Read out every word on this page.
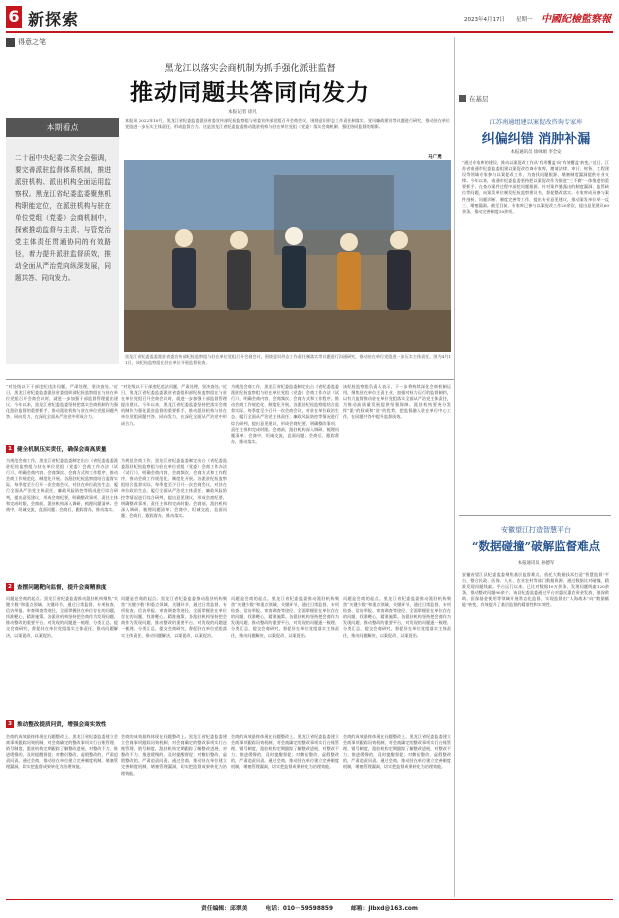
6 新探索	2023年4月17日 星期一 中國紀檢監察報
得意之笔
黑龙江以落实会商机制为抓手强化派驻监督
推动同题共答同向发力
本报记者 徐凡
本报讯 2022年10月，黑龙江省纪委监委派驻省委宣传部纪检监察组与省委宣传部党组召开会商会议，围绕意识形态工作责任制落实、党风廉政建设等议题进行研究，推动驻在单位党组进一步压实主体责任，形成监督合力。这是黑龙江省纪委监委推动派驻机构与驻在单位党组（党委）落实会商机制、强化协同监督的缩影。
马广勇
本期看点
二十届中央纪委二次全会强调，要完善派驻监督体系机制，推进派驻机构、派出机构全面运用监察权。黑龙江省纪委监委聚焦机构职能定位，在派驻机构与驻在单位党组（党委）会商机制中，探索推动监督与主责、与管党治党主体责任贯通协同的有效路径，着力提升派驻监督质效，推动全面从严治党向纵深发展，同题共答、同向发力。
黑龙江省纪委监委派驻省委宣传部纪检监察组与驻在单位党组召开会商会议，围绕意识形态工作责任制落实等议题进行沟通研究，推动驻在单位党组进一步压实主体责任。图为4月11日，该纪检监察组在驻在单位开展监督检查。
“对处级以下干部违纪违法问题，严肃处理，坚决查处。”近日，黑龙江省纪委监委派驻省委组织部纪检监察组在与驻在单位党组召开会商会议时，就进一步加强干部监督管理提出建议。今年以来，黑龙江省纪委监委坚持把落实会商机制作为强化派驻监督的重要抓手，推动派驻机构与驻在单位党组同题共答、同向发力，在深化全面从严治党中形成合力。
1 健全机制压实责任，确保会商高质量
为规范会商工作，黑龙江省纪委监委制定出台《省纪委监委派驻纪检监察组与驻在单位党组（党委）会商工作办法（试行）》，明确会商内容、会商频次、会商方式和工作程序，推动会商工作规范化、制度化开展。各派驻纪检监察组结合监督实际，每季度至少召开一次会商会议，对驻在单位政治生态、履行全面从严治党主体责任、廉政风险防控等情况进行综合研判，提出意见建议，形成会商纪要，明确整改事项、责任主体和完成时限。会商前，派驻机构深入调研，梳理问题清单；会商中，坦诚交流，直面问题；会商后，跟踪督办，推动落实。
2 查摆问题靶向监督，提升会商精准度
问题是会商的起点。黑龙江省纪委监委推动派驻机构聚焦“关键少数”和重点领域、关键环节，通过日常监督、专项检查、信访举报、审查调查等途径，全面掌握驻在单位存在的问题，找准靶心，精准施策。各派驻机构坚持把会商作为发现问题、推动整改的重要平台，对发现的问题逐一梳理、分类汇总，提交会商研究，督促驻在单位党组落实主体责任，推动问题解决，以案促改、以案促治。
3 推动整改提质问责，增强会商实效性
会商的成效最终体现在问题整改上。黑龙江省纪委监委建立会商事项跟踪问效机制，对会商确定的整改事项实行台账管理、销号制度，派驻机构定期跟踪了解整改进展，对整改不力、推进缓慢的，及时提醒督促；对敷衍整改、虚假整改的，严肃追责问责。通过会商，推动驻在单位建立完善制度机制，堵塞管理漏洞，切实把监督成果转化为治理效能。
“对处级以下干部违纪违法问题，严肃处理，坚决查处。”近日，黑龙江省纪委监委派驻省委组织部纪检监察组在与驻在单位党组召开会商会议时，就进一步加强干部监督管理提出建议。今年以来，黑龙江省纪委监委坚持把落实会商机制作为强化派驻监督的重要抓手，推动派驻机构与驻在单位党组同题共答、同向发力，在深化全面从严治党中形成合力。
为规范会商工作，黑龙江省纪委监委制定出台《省纪委监委派驻纪检监察组与驻在单位党组（党委）会商工作办法（试行）》，明确会商内容、会商频次、会商方式和工作程序，推动会商工作规范化、制度化开展。各派驻纪检监察组结合监督实际，每季度至少召开一次会商会议，对驻在单位政治生态、履行全面从严治党主体责任、廉政风险防控等情况进行综合研判，提出意见建议，形成会商纪要，明确整改事项、责任主体和完成时限。会商前，派驻机构深入调研，梳理问题清单；会商中，坦诚交流，直面问题；会商后，跟踪督办，推动落实。
问题是会商的起点。黑龙江省纪委监委推动派驻机构聚焦“关键少数”和重点领域、关键环节，通过日常监督、专项检查、信访举报、审查调查等途径，全面掌握驻在单位存在的问题，找准靶心，精准施策。各派驻机构坚持把会商作为发现问题、推动整改的重要平台，对发现的问题逐一梳理、分类汇总，提交会商研究，督促驻在单位党组落实主体责任，推动问题解决，以案促改、以案促治。
会商的成效最终体现在问题整改上。黑龙江省纪委监委建立会商事项跟踪问效机制，对会商确定的整改事项实行台账管理、销号制度，派驻机构定期跟踪了解整改进展，对整改不力、推进缓慢的，及时提醒督促；对敷衍整改、虚假整改的，严肃追责问责。通过会商，推动驻在单位建立完善制度机制，堵塞管理漏洞，切实把监督成果转化为治理效能。
为规范会商工作，黑龙江省纪委监委制定出台《省纪委监委派驻纪检监察组与驻在单位党组（党委）会商工作办法（试行）》，明确会商内容、会商频次、会商方式和工作程序，推动会商工作规范化、制度化开展。各派驻纪检监察组结合监督实际，每季度至少召开一次会商会议，对驻在单位政治生态、履行全面从严治党主体责任、廉政风险防控等情况进行综合研判，提出意见建议，形成会商纪要，明确整改事项、责任主体和完成时限。会商前，派驻机构深入调研，梳理问题清单；会商中，坦诚交流，直面问题；会商后，跟踪督办，推动落实。
问题是会商的起点。黑龙江省纪委监委推动派驻机构聚焦“关键少数”和重点领域、关键环节，通过日常监督、专项检查、信访举报、审查调查等途径，全面掌握驻在单位存在的问题，找准靶心，精准施策。各派驻机构坚持把会商作为发现问题、推动整改的重要平台，对发现的问题逐一梳理、分类汇总，提交会商研究，督促驻在单位党组落实主体责任，推动问题解决，以案促改、以案促治。
会商的成效最终体现在问题整改上。黑龙江省纪委监委建立会商事项跟踪问效机制，对会商确定的整改事项实行台账管理、销号制度，派驻机构定期跟踪了解整改进展，对整改不力、推进缓慢的，及时提醒督促；对敷衍整改、虚假整改的，严肃追责问责。通过会商，推动驻在单位建立完善制度机制，堵塞管理漏洞，切实把监督成果转化为治理效能。
该纪检监察组负责人表示，下一步将持续深化会商机制运用，聚焦驻在单位主责主业，加强对权力运行的监督制约，以有力监督推动驻在单位党组落实全面从严治党主体责任，为推动高质量发展提供坚强保障。派驻机构要充分发挥“派”的权威和“驻”的优势，把监督融入驻在单位中心工作，在同题共答中提升监督质效。
问题是会商的起点。黑龙江省纪委监委推动派驻机构聚焦“关键少数”和重点领域、关键环节，通过日常监督、专项检查、信访举报、审查调查等途径，全面掌握驻在单位存在的问题，找准靶心，精准施策。各派驻机构坚持把会商作为发现问题、推动整改的重要平台，对发现的问题逐一梳理、分类汇总，提交会商研究，督促驻在单位党组落实主体责任，推动问题解决，以案促改、以案促治。
会商的成效最终体现在问题整改上。黑龙江省纪委监委建立会商事项跟踪问效机制，对会商确定的整改事项实行台账管理、销号制度，派驻机构定期跟踪了解整改进展，对整改不力、推进缓慢的，及时提醒督促；对敷衍整改、虚假整改的，严肃追责问责。通过会商，推动驻在单位建立完善制度机制，堵塞管理漏洞，切实把监督成果转化为治理效能。
在基层
江苏南通组建以案促改咨询专家库
纠偏纠错 消肿补漏
本报通讯员 徐咏娟 李全安
“通过专家库的建设，推动以案促改工作从‘有形覆盖’向‘有效覆盖’转变。”近日，江苏省南通市纪委监委组建以案促改咨询专家库，邀请法律、审计、财务、工程建设等领域专家参与以案促改工作，为查找问题根源、堵塞制度漏洞提供专业支撑。今年以来，南通市纪委监委坚持把以案促改作为推进“三不腐”一体推进的重要抓手，在查办案件过程中深挖问题根源，针对案件暴露出的制度漏洞、监管缺位等问题，向案发单位制发纪检监察建议书，督促整改落实。专家库成员参与案件剖析、问题诊断、制度完善等工作，提出专业意见建议，推动案发单位举一反三、堵塞漏洞。截至目前，专家库已参与以案促改工作20余次，提出意见建议60余条，推动完善制度30余项。
安徽望江打造智慧平台
“数据碰撞”破解监督难点
本报通讯员 孙德军
安徽省望江县纪委监委聚焦基层监督难点，依托大数据技术打造“智慧监督”平台，整合民政、医保、人社、农业农村等部门数据资源，通过数据比对碰撞，精准发现问题线索。平台运行以来，已比对数据10万余条，发现问题线索120余条，推动整改问题90余个。该县纪委监委通过平台对惠民惠农资金发放、低保救助、医保基金使用等领域开展常态化监督，实现监督由“人海战术”向“数据赋能”转变，有效提升了基层监督的精准性和实效性。
责任编辑：邱翠美	电话：010－59598859	邮箱：jlbxd@163.com
